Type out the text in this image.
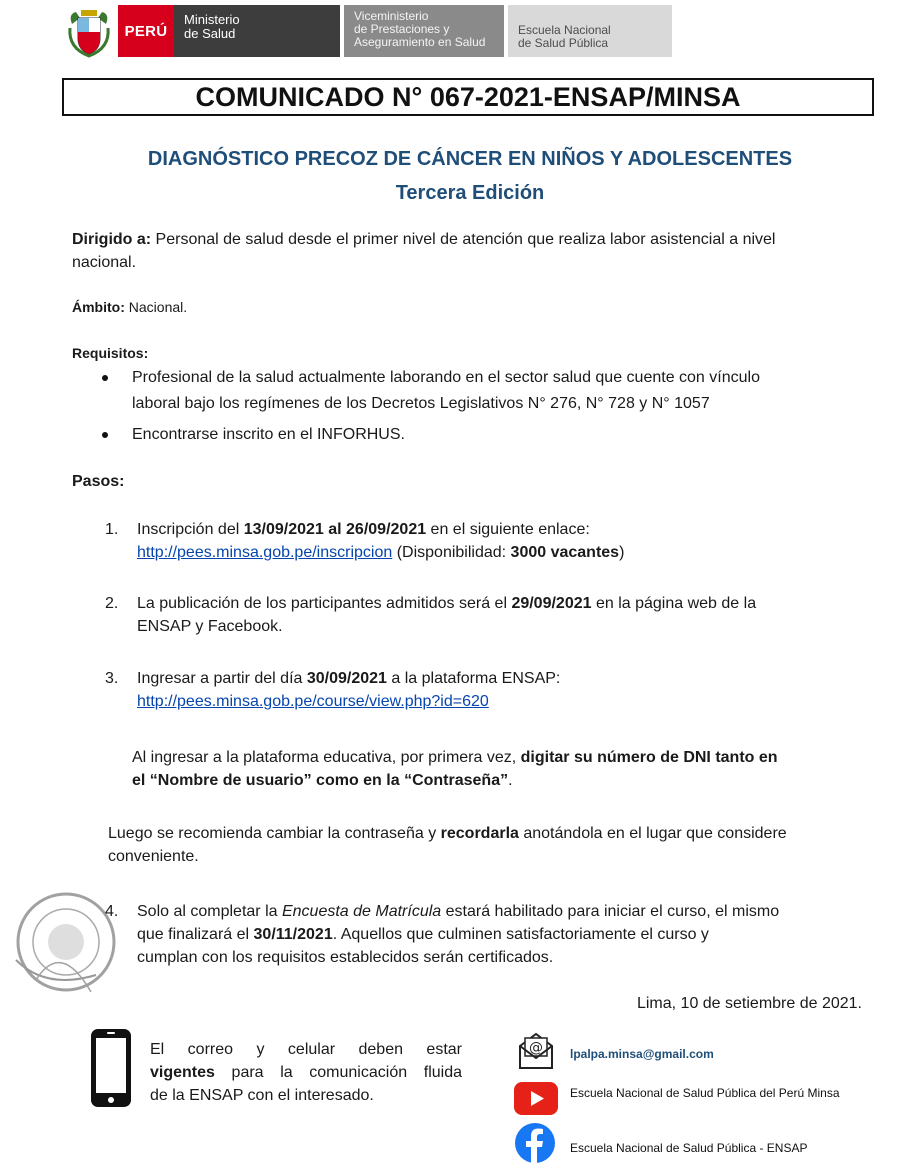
PERÚ
Ministerio
de Salud
Viceministerio
de Prestaciones y
Aseguramiento en Salud
Escuela Nacional
de Salud Pública
COMUNICADO N° 067-2021-ENSAP/MINSA
DIAGNÓSTICO PRECOZ DE CÁNCER EN NIÑOS Y ADOLESCENTES
Tercera Edición
Dirigido a: Personal de salud desde el primer nivel de atención que realiza labor asistencial a nivel
nacional.
Ámbito: Nacional.
Requisitos:
Profesional de la salud actualmente laborando en el sector salud que cuente con vínculo
laboral bajo los regímenes de los Decretos Legislativos N° 276, N° 728 y N° 1057
Encontrarse inscrito en el INFORHUS.
Pasos:
1. Inscripción del 13/09/2021 al 26/09/2021 en el siguiente enlace:
http://pees.minsa.gob.pe/inscripcion (Disponibilidad: 3000 vacantes)
2. La publicación de los participantes admitidos será el 29/09/2021 en la página web de la
ENSAP y Facebook.
3. Ingresar a partir del día 30/09/2021 a la plataforma ENSAP:
http://pees.minsa.gob.pe/course/view.php?id=620
Al ingresar a la plataforma educativa, por primera vez, digitar su número de DNI tanto en
el “Nombre de usuario” como en la “Contraseña”.
Luego se recomienda cambiar la contraseña y recordarla anotándola en el lugar que considere
conveniente.
4. Solo al completar la Encuesta de Matrícula estará habilitado para iniciar el curso, el mismo
que finalizará el 30/11/2021. Aquellos que culminen satisfactoriamente el curso y
cumplan con los requisitos establecidos serán certificados.
Lima, 10 de setiembre de 2021.
El correo y celular deben estar
vigentes para la comunicación fluida
de la ENSAP con el interesado.
@ lpalpa.minsa@gmail.com
Escuela Nacional de Salud Pública del Perú Minsa
Escuela Nacional de Salud Pública - ENSAP
